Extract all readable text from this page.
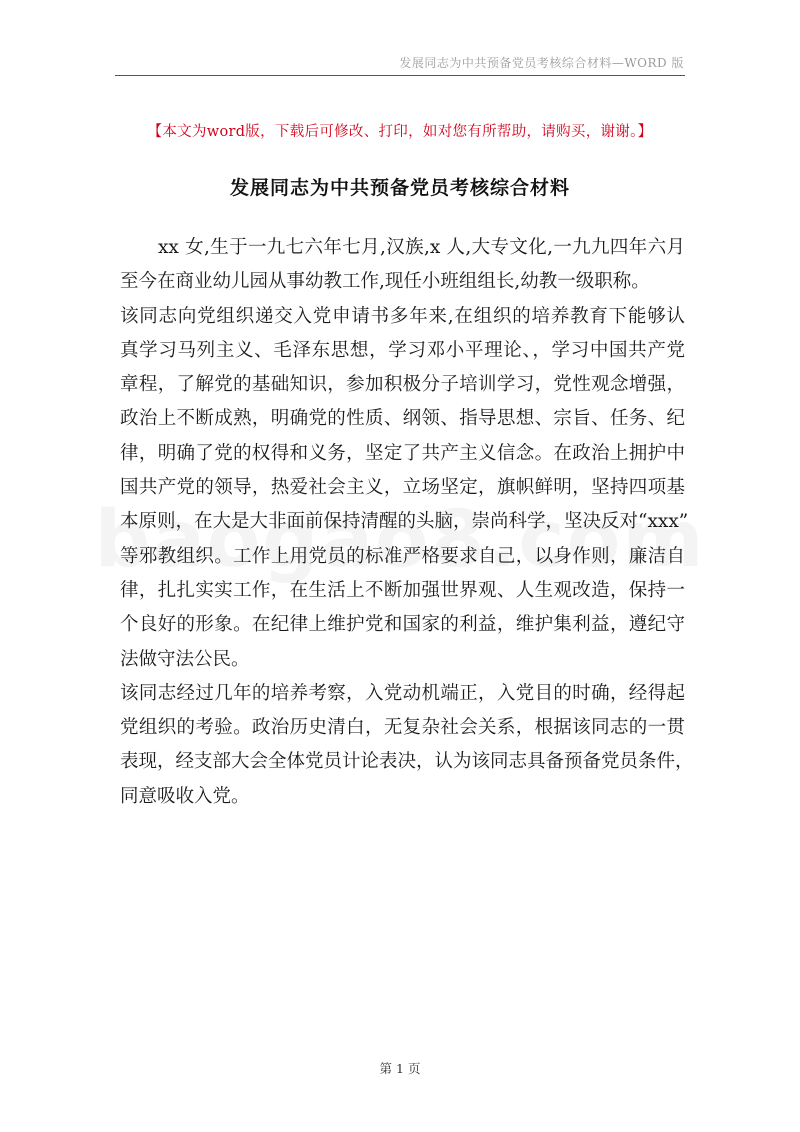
发展同志为中共预备党员考核综合材料—WORD 版
【本文为word版，下载后可修改、打印，如对您有所帮助，请购买，谢谢。】
发展同志为中共预备党员考核综合材料
xx 女,生于一九七六年七月,汉族,x 人,大专文化,一九九四年六月
至今在商业幼儿园从事幼教工作,现任小班组组长,幼教一级职称。
该同志向党组织递交入党申请书多年来,在组织的培养教育下能够认
真学习马列主义、毛泽东思想，学习邓小平理论、，学习中国共产党
章程，了解党的基础知识，参加积极分子培训学习，党性观念增强，
政治上不断成熟，明确党的性质、纲领、指导思想、宗旨、任务、纪
律，明确了党的权得和义务，坚定了共产主义信念。在政治上拥护中
国共产党的领导，热爱社会主义，立场坚定，旗帜鲜明，坚持四项基
本原则，在大是大非面前保持清醒的头脑，崇尚科学，坚决反对“xxx”
等邪教组织。工作上用党员的标准严格要求自己，以身作则，廉洁自
律，扎扎实实工作，在生活上不断加强世界观、人生观改造，保持一
个良好的形象。在纪律上维护党和国家的利益，维护集利益，遵纪守
法做守法公民。
该同志经过几年的培养考察，入党动机端正，入党目的时确，经得起
党组织的考验。政治历史清白，无复杂社会关系，根据该同志的一贯
表现，经支部大会全体党员计论表决，认为该同志具备预备党员条件，
同意吸收入党。
第 1 页
